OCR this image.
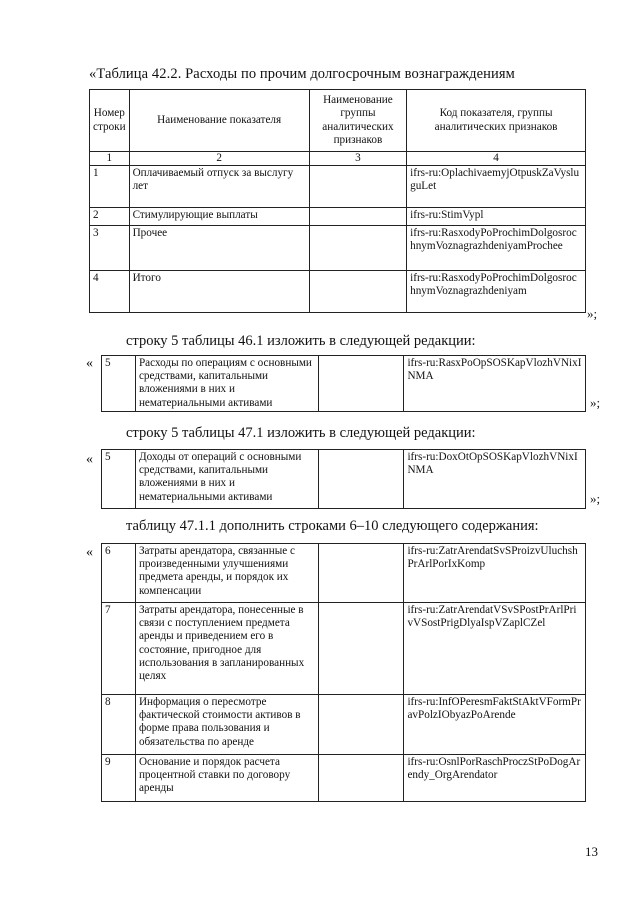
«Таблица 42.2. Расходы по прочим долгосрочным вознаграждениям
Номер строки	Наименование показателя	Наименование группы аналитических признаков	Код показателя, группы аналитических признаков
1	2	3	4
1	Оплачиваемый отпуск за выслугу лет		ifrs-ru:OplachivaemyjOtpuskZaVysluguLet
2	Стимулирующие выплаты		ifrs-ru:StimVypl
3	Прочее		ifrs-ru:RasxodyPoProchimDolgosrochnymVoznagrazhdeniyamProchee
4	Итого		ifrs-ru:RasxodyPoProchimDolgosrochnymVoznagrazhdeniyam
»;
строку 5 таблицы 46.1 изложить в следующей редакции:
« 5	Расходы по операциям с основными средствами, капитальными вложениями в них и нематериальными активами		ifrs-ru:RasxPoOpSOSKapVlozhVNixINMA
»;
строку 5 таблицы 47.1 изложить в следующей редакции:
« 5	Доходы от операций с основными средствами, капитальными вложениями в них и нематериальными активами		ifrs-ru:DoxOtOpSOSKapVlozhVNixINMA
»;
таблицу 47.1.1 дополнить строками 6–10 следующего содержания:
« 6	Затраты арендатора, связанные с произведенными улучшениями предмета аренды, и порядок их компенсации		ifrs-ru:ZatrArendatSvSProizvUluchshPrArlPorIxKomp
7	Затраты арендатора, понесенные в связи с поступлением предмета аренды и приведением его в состояние, пригодное для использования в запланированных целях		ifrs-ru:ZatrArendatVSvSPostPrArlPrivVSostPrigDlyaIspVZaplCZel
8	Информация о пересмотре фактической стоимости активов в форме права пользования и обязательства по аренде		ifrs-ru:InfOPeresmFaktStAktVFormPravPolzIObyazPoArende
9	Основание и порядок расчета процентной ставки по договору аренды		ifrs-ru:OsnlPorRaschProczStPoDogArendy_OrgArendator
13
